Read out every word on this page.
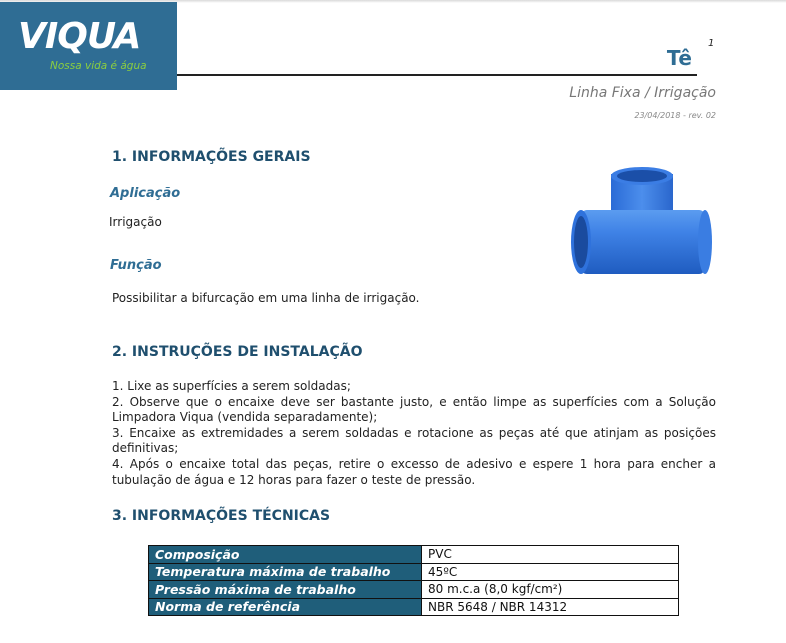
VIQUA
Nossa vida é água
1
Tê
Linha Fixa / Irrigação
23/04/2018 - rev. 02
1. INFORMAÇÕES GERAIS
Aplicação
Irrigação
Função
Possibilitar a bifurcação em uma linha de irrigação.
2. INSTRUÇÕES DE INSTALAÇÃO

1. Lixe as superfícies a serem soldadas;

2. Observe que o encaixe deve ser bastante justo, e então limpe as superfícies com a Solução Limpadora Viqua (vendida separadamente);

3. Encaixe as extremidades a serem soldadas e rotacione as peças até que atinjam as posições definitivas;

4. Após o encaixe total das peças, retire o excesso de adesivo e espere 1 hora para encher a tubulação de água e 12 horas para fazer o teste de pressão.

3. INFORMAÇÕES TÉCNICAS
Composição	PVC
Temperatura máxima de trabalho	45ºC
Pressão máxima de trabalho	80 m.c.a (8,0 kgf/cm²)
Norma de referência	NBR 5648 / NBR 14312
